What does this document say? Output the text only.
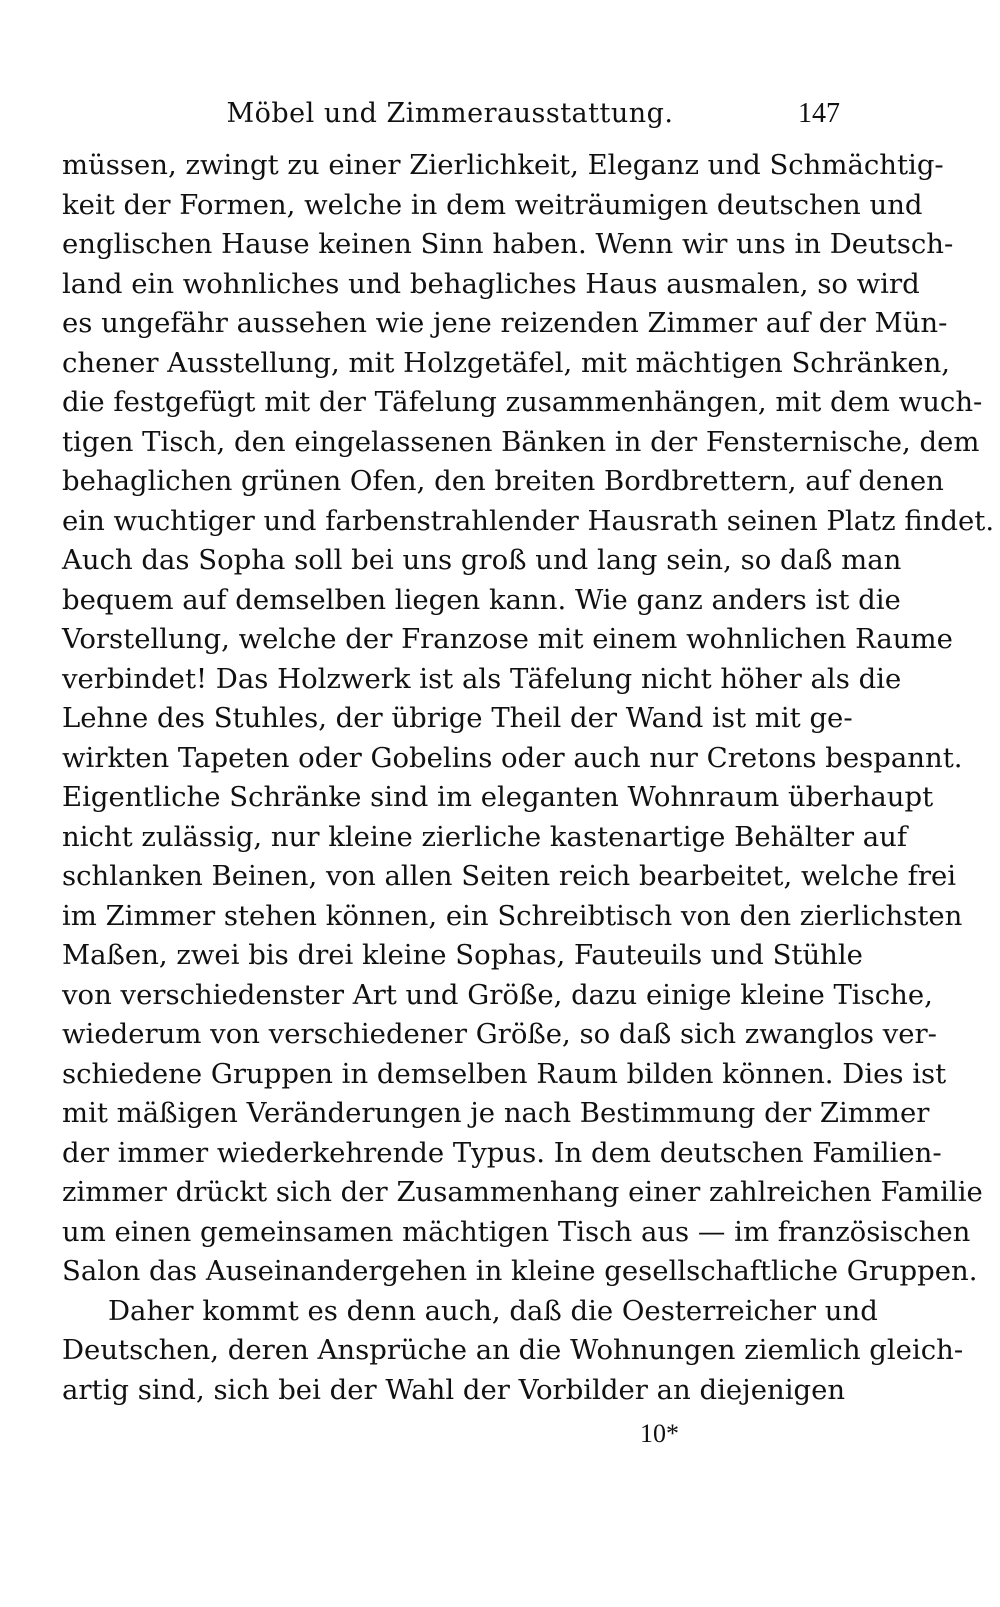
Möbel und Zimmerausstattung.	147
müssen, zwingt zu einer Zierlichkeit, Eleganz und Schmächtig-
keit der Formen, welche in dem weiträumigen deutschen und
englischen Hause keinen Sinn haben. Wenn wir uns in Deutsch-
land ein wohnliches und behagliches Haus ausmalen, so wird
es ungefähr aussehen wie jene reizenden Zimmer auf der Mün-
chener Ausstellung, mit Holzgetäfel, mit mächtigen Schränken,
die festgefügt mit der Täfelung zusammenhängen, mit dem wuch-
tigen Tisch, den eingelassenen Bänken in der Fensternische, dem
behaglichen grünen Ofen, den breiten Bordbrettern, auf denen
ein wuchtiger und farbenstrahlender Hausrath seinen Platz findet.
Auch das Sopha soll bei uns groß und lang sein, so daß man
bequem auf demselben liegen kann. Wie ganz anders ist die
Vorstellung, welche der Franzose mit einem wohnlichen Raume
verbindet! Das Holzwerk ist als Täfelung nicht höher als die
Lehne des Stuhles, der übrige Theil der Wand ist mit ge-
wirkten Tapeten oder Gobelins oder auch nur Cretons bespannt.
Eigentliche Schränke sind im eleganten Wohnraum überhaupt
nicht zulässig, nur kleine zierliche kastenartige Behälter auf
schlanken Beinen, von allen Seiten reich bearbeitet, welche frei
im Zimmer stehen können, ein Schreibtisch von den zierlichsten
Maßen, zwei bis drei kleine Sophas, Fauteuils und Stühle
von verschiedenster Art und Größe, dazu einige kleine Tische,
wiederum von verschiedener Größe, so daß sich zwanglos ver-
schiedene Gruppen in demselben Raum bilden können. Dies ist
mit mäßigen Veränderungen je nach Bestimmung der Zimmer
der immer wiederkehrende Typus. In dem deutschen Familien-
zimmer drückt sich der Zusammenhang einer zahlreichen Familie
um einen gemeinsamen mächtigen Tisch aus — im französischen
Salon das Auseinandergehen in kleine gesellschaftliche Gruppen.
Daher kommt es denn auch, daß die Oesterreicher und
Deutschen, deren Ansprüche an die Wohnungen ziemlich gleich-
artig sind, sich bei der Wahl der Vorbilder an diejenigen
10*
